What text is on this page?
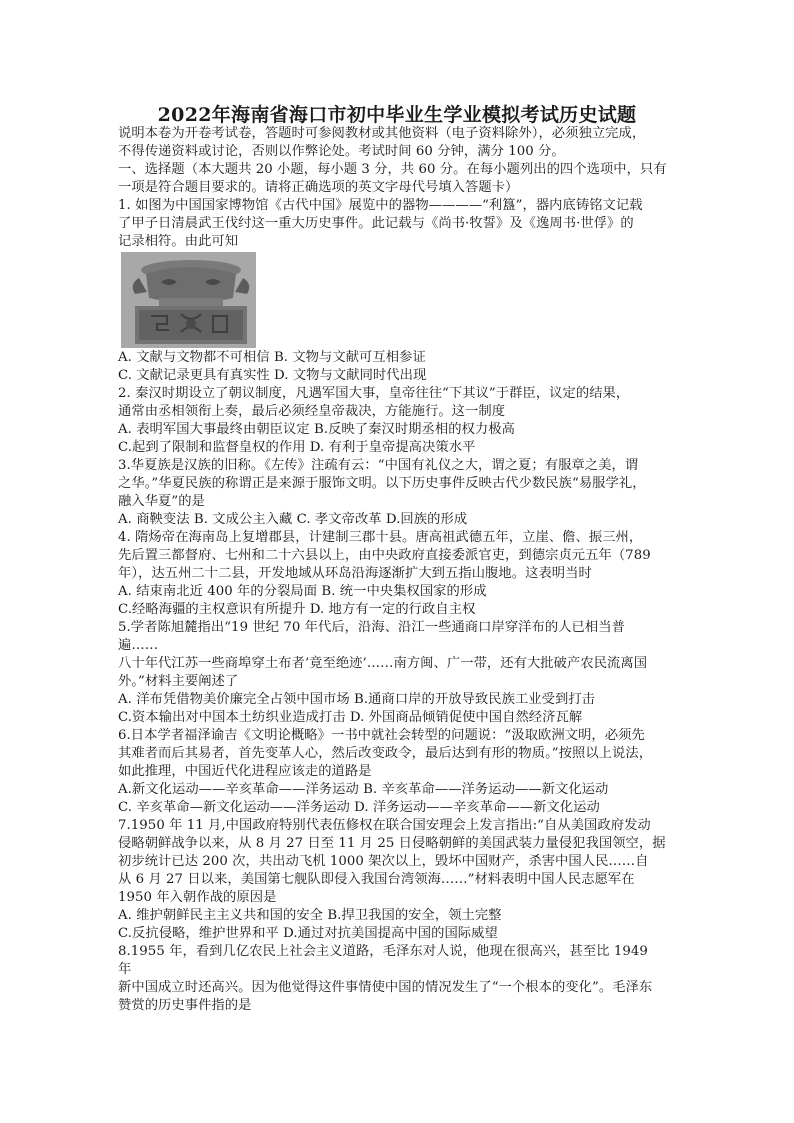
2022年海南省海口市初中毕业生学业模拟考试历史试题
说明本卷为开卷考试卷，答题时可参阅教材或其他资料（电子资料除外），必须独立完成，
不得传递资料或讨论，否则以作弊论处。考试时间 60 分钟，满分 100 分。
一、选择题（本大题共 20 小题，每小题 3 分，共 60 分。在每小题列出的四个选项中，只有
一项是符合题目要求的。请将正确选项的英文字母代号填入答题卡）
1. 如图为中国国家博物馆《古代中国》展览中的器物————“利簋”，器内底铸铭文记载
了甲子日清晨武王伐纣这一重大历史事件。此记载与《尚书·牧誓》及《逸周书·世俘》的
记录相符。由此可知
A. 文献与文物都不可相信 B. 文物与文献可互相参证
C. 文献记录更具有真实性 D. 文物与文献同时代出现
2. 秦汉时期设立了朝议制度，凡遇军国大事，皇帝往往“下其议”于群臣，议定的结果，
通常由丞相领衔上奏，最后必须经皇帝裁决，方能施行。这一制度
A. 表明军国大事最终由朝臣议定 B.反映了秦汉时期丞相的权力极高
C.起到了限制和监督皇权的作用 D. 有利于皇帝提高决策水平
3.华夏族是汉族的旧称。《左传》注疏有云：“中国有礼仪之大，谓之夏；有服章之美，谓
之华。”华夏民族的称谓正是来源于服饰文明。以下历史事件反映古代少数民族“易服学礼，
融入华夏”的是
A. 商鞅变法 B. 文成公主入藏 C. 孝文帝改革 D.回族的形成
4. 隋炀帝在海南岛上复增郡县，计建制三郡十县。唐高祖武德五年，立崖、儋、振三州，
先后置三都督府、七州和二十六县以上，由中央政府直接委派官吏，到德宗贞元五年（789
年），达五州二十二县，开发地域从环岛沿海逐渐扩大到五指山腹地。这表明当时
A. 结束南北近 400 年的分裂局面 B. 统一中央集权国家的形成
C.经略海疆的主权意识有所提升 D. 地方有一定的行政自主权
5.学者陈旭麓指出“19 世纪 70 年代后，沿海、沿江一些通商口岸穿洋布的人已相当普
遍……
八十年代江苏一些商埠穿土布者‘竟至绝迹’……南方闽、广一带，还有大批破产农民流离国
外。”材料主要阐述了
A. 洋布凭借物美价廉完全占领中国市场 B.通商口岸的开放导致民族工业受到打击
C.资本输出对中国本土纺织业造成打击 D. 外国商品倾销促使中国自然经济瓦解
6.日本学者福泽谕吉《文明论概略》一书中就社会转型的问题说：“汲取欧洲文明，必须先
其难者而后其易者，首先变革人心，然后改变政令，最后达到有形的物质。”按照以上说法，
如此推理，中国近代化进程应该走的道路是
A.新文化运动——辛亥革命——洋务运动 B. 辛亥革命——洋务运动——新文化运动
C. 辛亥革命—新文化运动——洋务运动 D. 洋务运动——辛亥革命——新文化运动
7.1950 年 11 月,中国政府特别代表伍修权在联合国安理会上发言指出:“自从美国政府发动
侵略朝鲜战争以来，从 8 月 27 日至 11 月 25 日侵略朝鲜的美国武装力量侵犯我国领空，据
初步统计已达 200 次，共出动飞机 1000 架次以上，毁坏中国财产，杀害中国人民……自
从 6 月 27 日以来，美国第七舰队即侵入我国台湾领海……”材料表明中国人民志愿军在
1950 年入朝作战的原因是
A. 维护朝鲜民主主义共和国的安全 B.捍卫我国的安全，领土完整
C.反抗侵略，维护世界和平 D.通过对抗美国提高中国的国际威望
8.1955 年，看到几亿农民上社会主义道路，毛泽东对人说，他现在很高兴，甚至比 1949
年
新中国成立时还高兴。因为他觉得这件事情使中国的情况发生了“一个根本的变化”。毛泽东
赞赏的历史事件指的是
